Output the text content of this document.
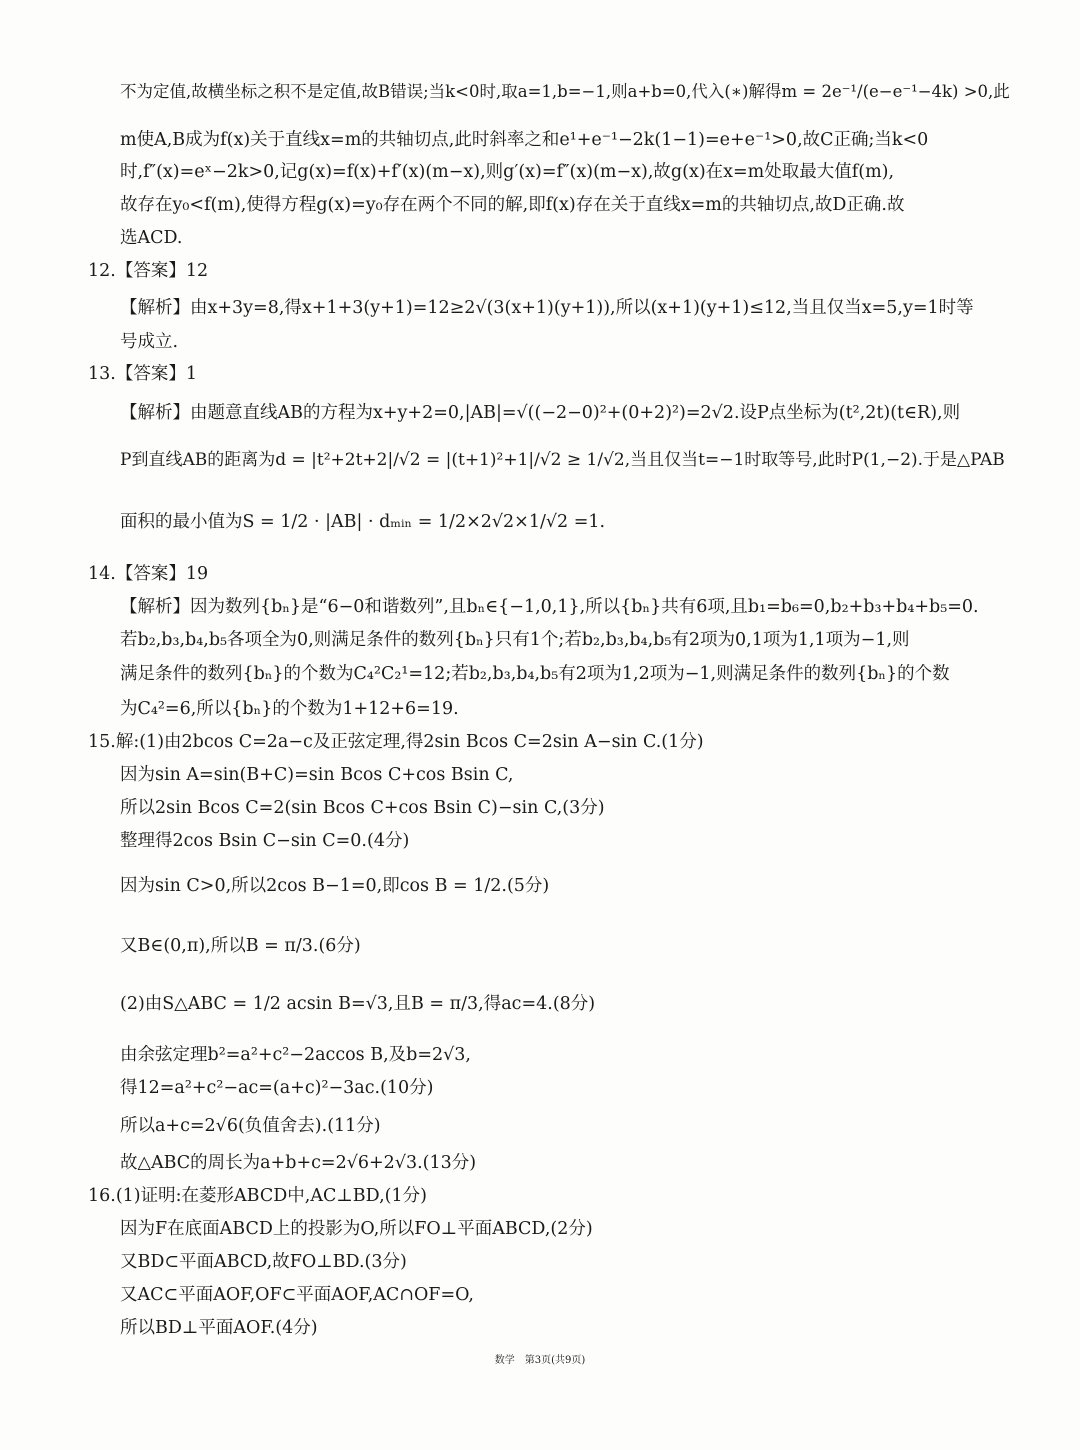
不为定值,故横坐标之积不是定值,故B错误;当k<0时,取a=1,b=−1,则a+b=0,代入(∗)解得m = 2e⁻¹/(e−e⁻¹−4k) >0,此
m使A,B成为f(x)关于直线x=m的共轴切点,此时斜率之和e¹+e⁻¹−2k(1−1)=e+e⁻¹>0,故C正确;当k<0
时,f″(x)=eˣ−2k>0,记g(x)=f(x)+f′(x)(m−x),则g′(x)=f″(x)(m−x),故g(x)在x=m处取最大值f(m),
故存在y₀<f(m),使得方程g(x)=y₀存在两个不同的解,即f(x)存在关于直线x=m的共轴切点,故D正确.故
选ACD.
12.【答案】12
【解析】由x+3y=8,得x+1+3(y+1)=12≥2√(3(x+1)(y+1)),所以(x+1)(y+1)≤12,当且仅当x=5,y=1时等
号成立.
13.【答案】1
【解析】由题意直线AB的方程为x+y+2=0,|AB|=√((−2−0)²+(0+2)²)=2√2.设P点坐标为(t²,2t)(t∈R),则
P到直线AB的距离为d = |t²+2t+2|/√2 = |(t+1)²+1|/√2 ≥ 1/√2,当且仅当t=−1时取等号,此时P(1,−2).于是△PAB
面积的最小值为S = 1/2 · |AB| · dₘᵢₙ = 1/2×2√2×1/√2 =1.
14.【答案】19
【解析】因为数列{bₙ}是“6−0和谐数列”,且bₙ∈{−1,0,1},所以{bₙ}共有6项,且b₁=b₆=0,b₂+b₃+b₄+b₅=0.
若b₂,b₃,b₄,b₅各项全为0,则满足条件的数列{bₙ}只有1个;若b₂,b₃,b₄,b₅有2项为0,1项为1,1项为−1,则
满足条件的数列{bₙ}的个数为C₄²C₂¹=12;若b₂,b₃,b₄,b₅有2项为1,2项为−1,则满足条件的数列{bₙ}的个数
为C₄²=6,所以{bₙ}的个数为1+12+6=19.
15.解:(1)由2bcos C=2a−c及正弦定理,得2sin Bcos C=2sin A−sin C.(1分)
因为sin A=sin(B+C)=sin Bcos C+cos Bsin C,
所以2sin Bcos C=2(sin Bcos C+cos Bsin C)−sin C,(3分)
整理得2cos Bsin C−sin C=0.(4分)
因为sin C>0,所以2cos B−1=0,即cos B = 1/2.(5分)
又B∈(0,π),所以B = π/3.(6分)
(2)由S△ABC = 1/2 acsin B=√3,且B = π/3,得ac=4.(8分)
由余弦定理b²=a²+c²−2accos B,及b=2√3,
得12=a²+c²−ac=(a+c)²−3ac.(10分)
所以a+c=2√6(负值舍去).(11分)
故△ABC的周长为a+b+c=2√6+2√3.(13分)
16.(1)证明:在菱形ABCD中,AC⊥BD,(1分)
因为F在底面ABCD上的投影为O,所以FO⊥平面ABCD,(2分)
又BD⊂平面ABCD,故FO⊥BD.(3分)
又AC⊂平面AOF,OF⊂平面AOF,AC∩OF=O,
所以BD⊥平面AOF.(4分)
数学　第3页(共9页)
